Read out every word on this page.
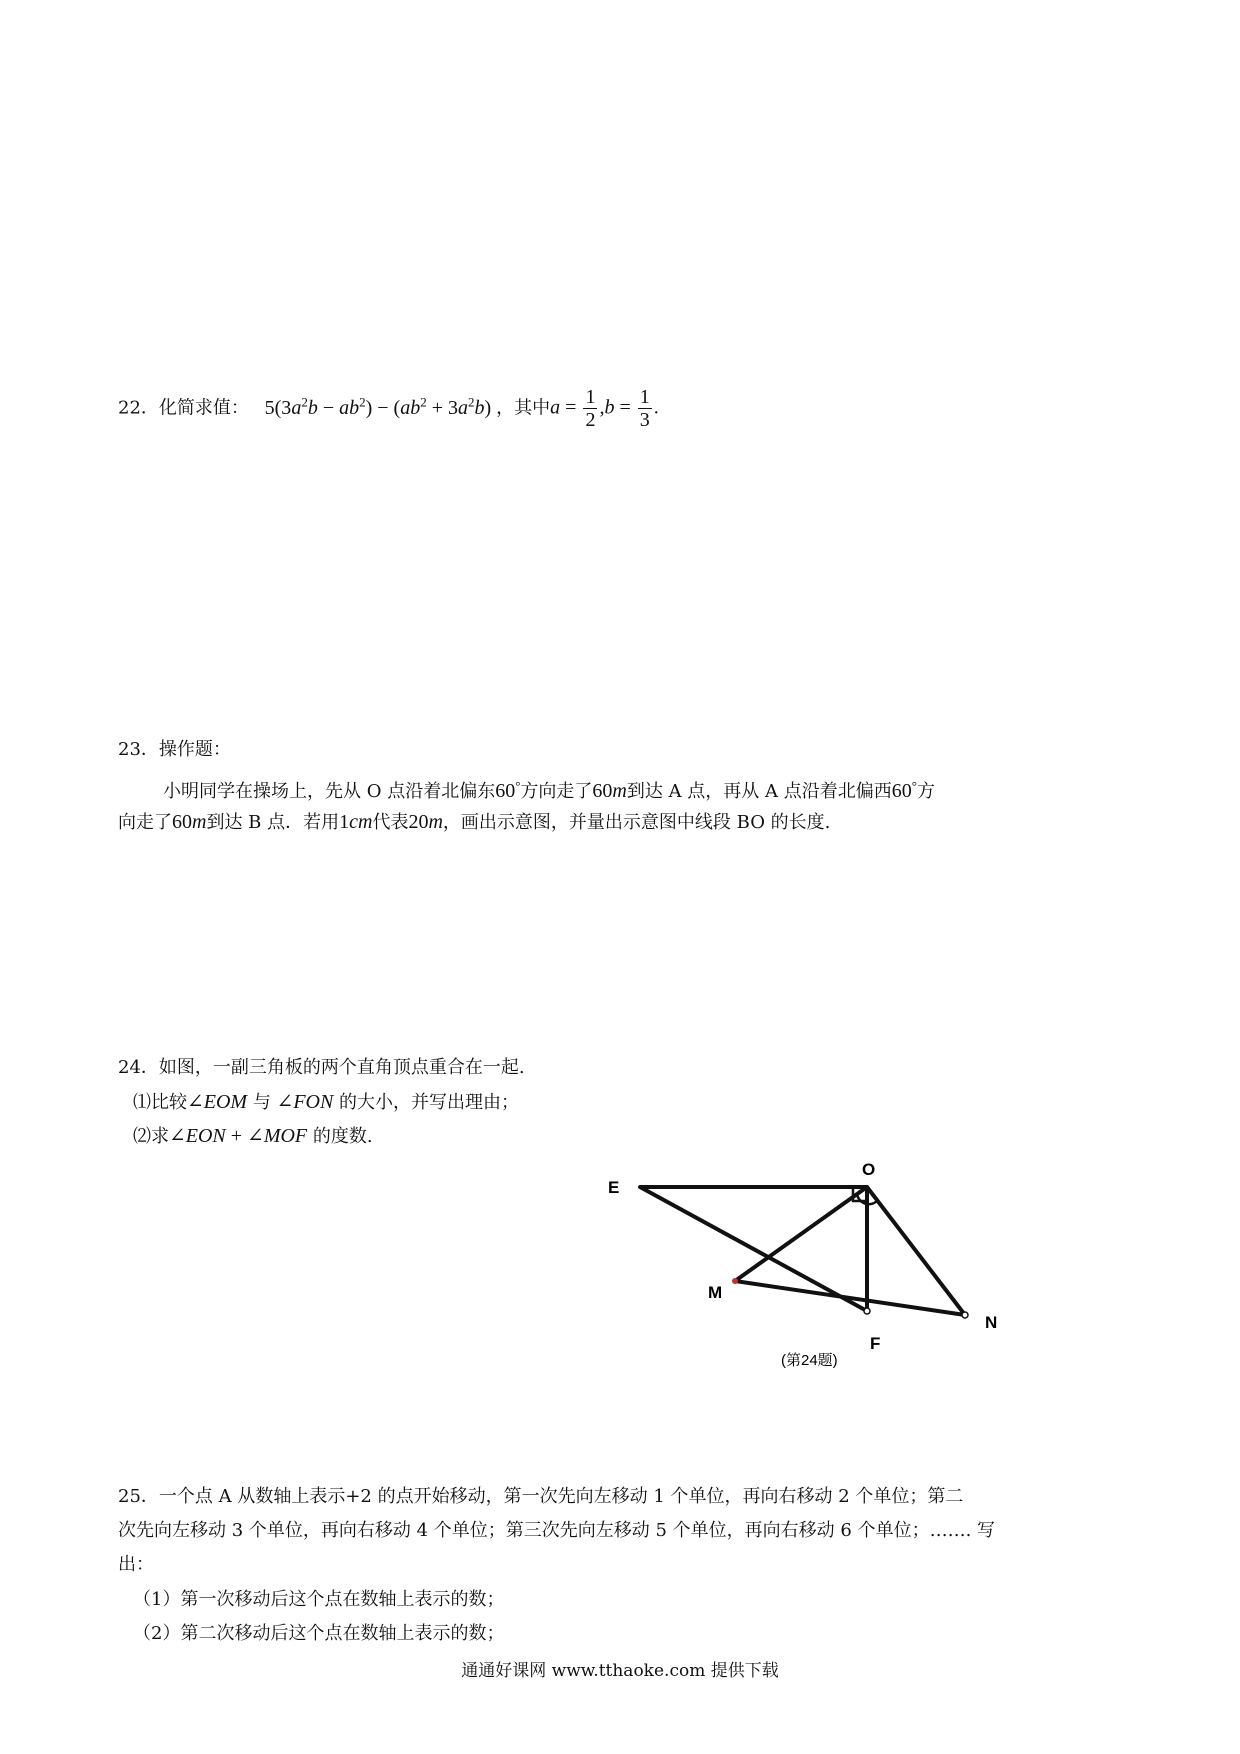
22．化简求值： $5(3a^2b - ab^2) - (ab^2 + 3a^2b)$ ，其中$a = \frac{1}{2} ,b = \frac{1}{3}$ .
23．操作题：
小明同学在操场上，先从 O 点沿着北偏东60°方向走了60m到达 A 点，再从 A 点沿着北偏西60°方
向走了60m到达 B 点．若用1cm代表20m，画出示意图，并量出示意图中线段 BO 的长度.
24．如图，一副三角板的两个直角顶点重合在一起.
⑴比较∠EOM 与 ∠FON 的大小，并写出理由；
⑵求∠EON + ∠MOF 的度数.
E
O
M
N
F
(第24题)
25．一个点 A 从数轴上表示+2 的点开始移动，第一次先向左移动 1 个单位，再向右移动 2 个单位；第二
次先向左移动 3 个单位，再向右移动 4 个单位；第三次先向左移动 5 个单位，再向右移动 6 个单位；……. 写
出：
（1）第一次移动后这个点在数轴上表示的数；
（2）第二次移动后这个点在数轴上表示的数；
通通好课网 www.tthaoke.com 提供下载
